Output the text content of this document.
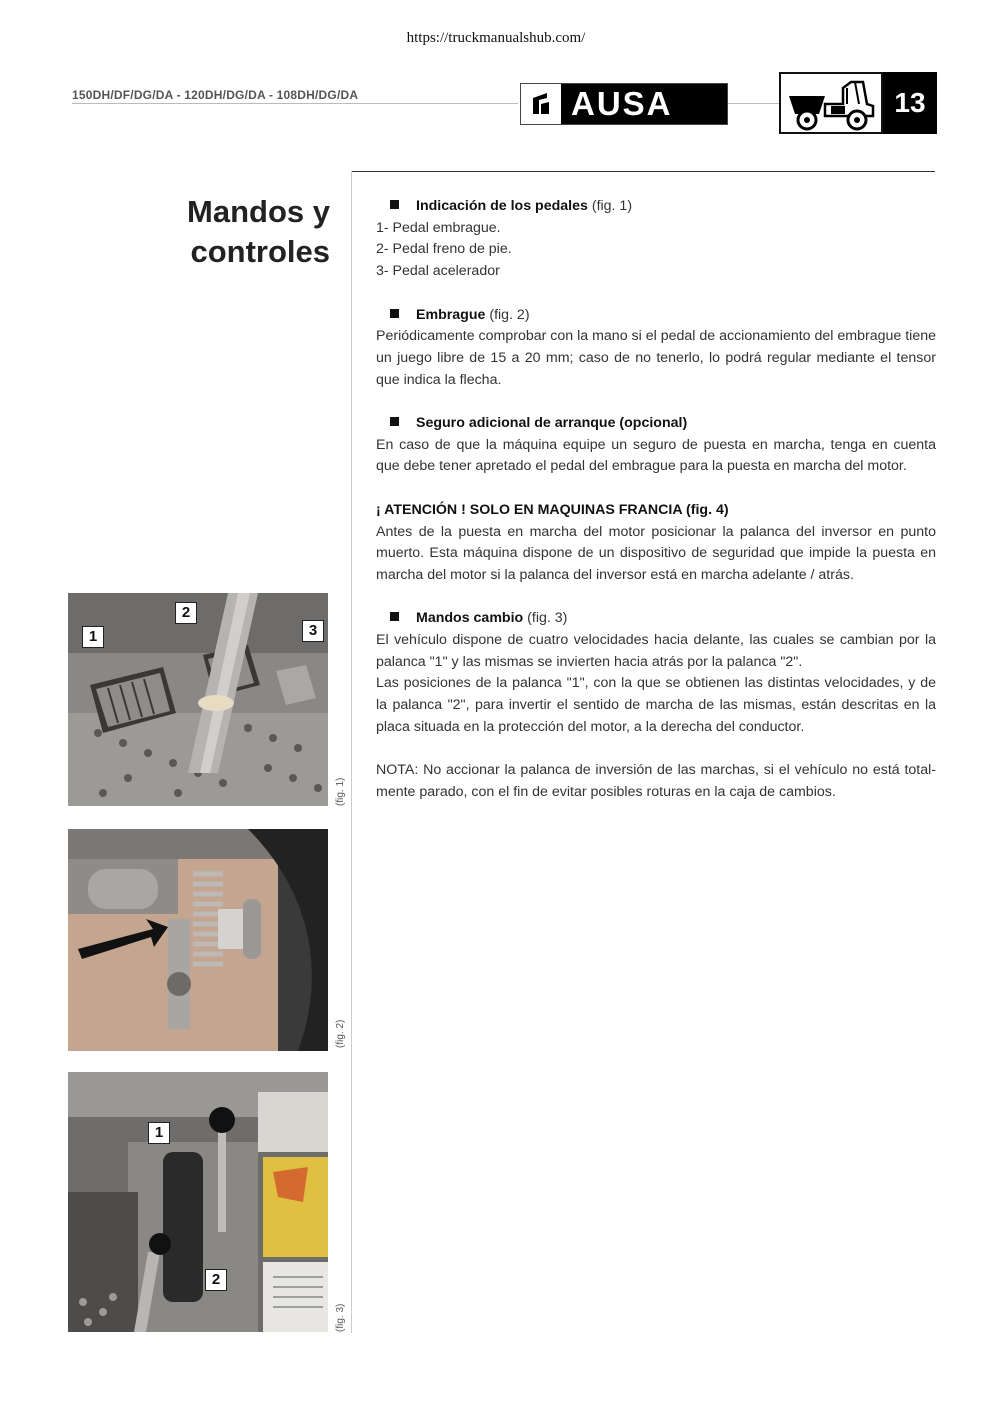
https://truckmanualshub.com/
150DH/DF/DG/DA - 120DH/DG/DA - 108DH/DG/DA	AUSA	13
Mandos y
controles

Indicación de los pedales (fig. 1)

1- Pedal embrague.

2- Pedal freno de pie.

3- Pedal acelerador

Embrague (fig. 2)

Periódicamente comprobar con la mano si el pedal de accionamiento del embrague tiene un juego libre de 15 a 20 mm; caso de no tenerlo, lo podrá regular mediante el tensor que indica la flecha.

Seguro adicional de arranque (opcional)

En caso de que la máquina equipe un seguro de puesta en marcha, tenga en cuenta que debe tener apretado el pedal del embrague para la puesta en marcha del motor.

¡ ATENCIÓN ! SOLO EN MAQUINAS FRANCIA (fig. 4)

Antes de la puesta en marcha del motor posicionar la palanca del inversor en punto muerto. Esta máquina dispone de un dispositivo de seguridad que impide la puesta en marcha del motor si la palanca del inversor está en marcha adelante / atrás.

Mandos cambio (fig. 3)

El vehículo dispone de cuatro velocidades hacia delante, las cuales se cambian por la palanca "1" y las mismas se invierten hacia atrás por la palanca "2".

Las posiciones de la palanca "1", con la que se obtienen las distintas velocidades, y de la palanca "2", para invertir el sentido de marcha de las mismas, están descritas en la placa situada en la protección del motor, a la derecha del conductor.

NOTA: No accionar la palanca de inversión de las marchas, si el vehículo no está total-mente parado, con el fin de evitar posibles roturas en la caja de cambios.

1
2
3
(fig. 1)
(fig. 2)
1
2
(fig. 3)
